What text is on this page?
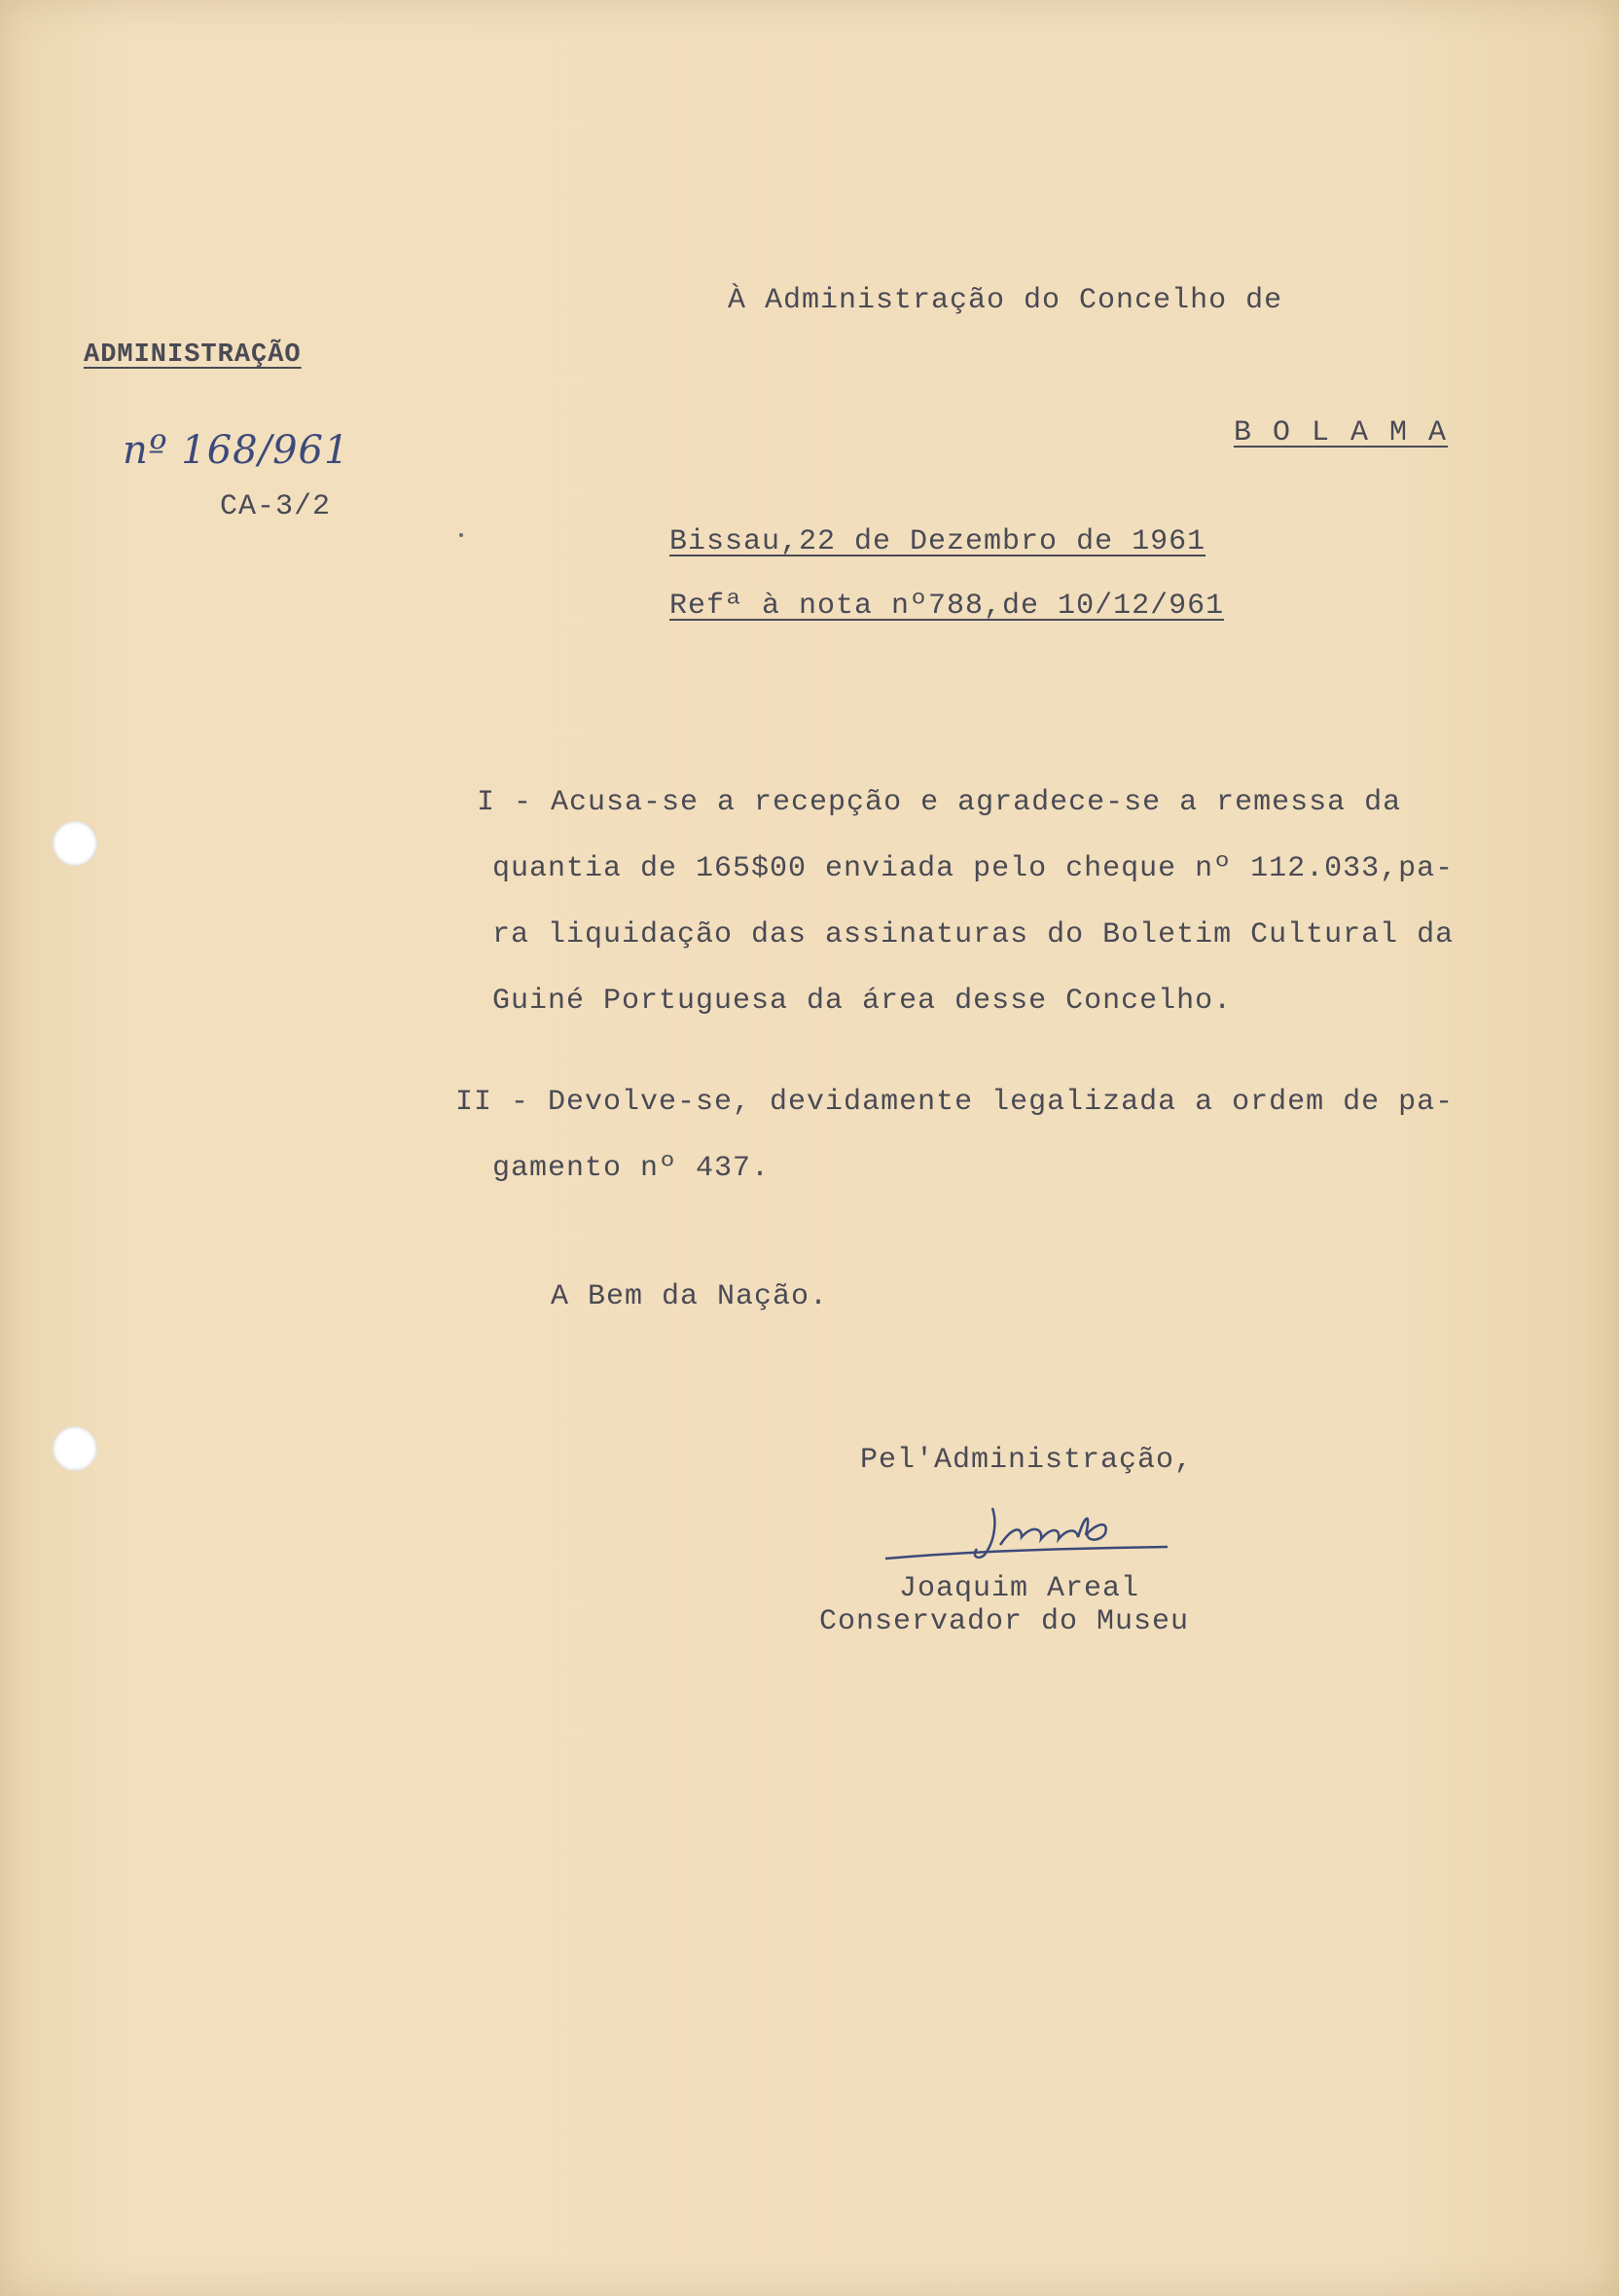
À Administração do Concelho de
B O L A M A
ADMINISTRAÇÃO
nº 168/961
CA-3/2
Bissau,22 de Dezembro de 1961
Refª à nota nº788,de 10/12/961
I - Acusa-se a recepção e agradece-se a remessa da
quantia de 165$00 enviada pelo cheque nº 112.033,pa-
ra liquidação das assinaturas do Boletim Cultural da
Guiné Portuguesa da área desse Concelho.
II - Devolve-se, devidamente legalizada a ordem de pa-
gamento nº 437.
A Bem da Nação.
Pel'Administração,
Joaquim Areal
Conservador do Museu
